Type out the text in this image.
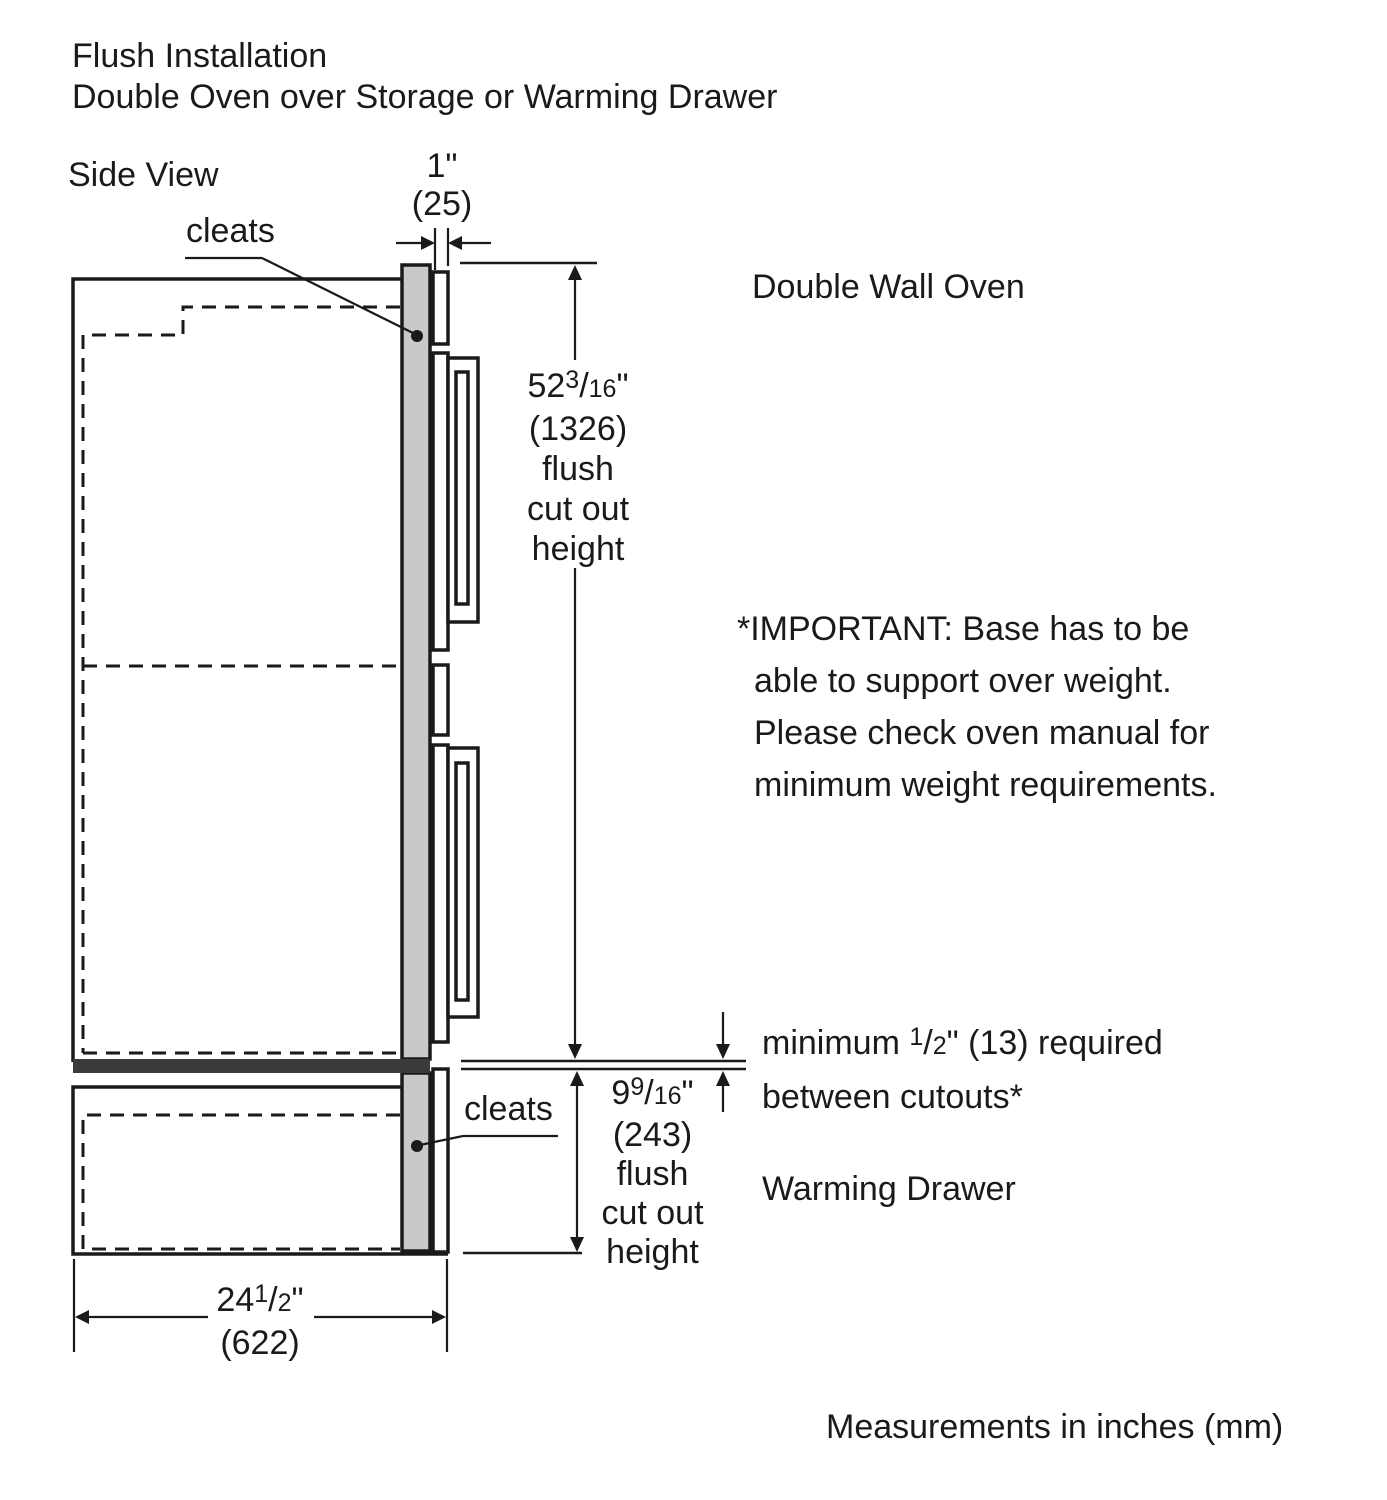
Flush Installation
Double Oven over Storage or Warming Drawer
Side View
cleats
cleats
1"
(25)
$52^3/16$"
(1326)
flush
cut out
height
Double Wall Oven
*IMPORTANT: Base has to be
able to support over weight.
Please check oven manual for
minimum weight requirements.
minimum $^1$/2" (13) required
between cutouts*
$9^9/16$"
(243)
flush
cut out
height
Warming Drawer
$24^1/2$"
(622)
Measurements in inches (mm)
